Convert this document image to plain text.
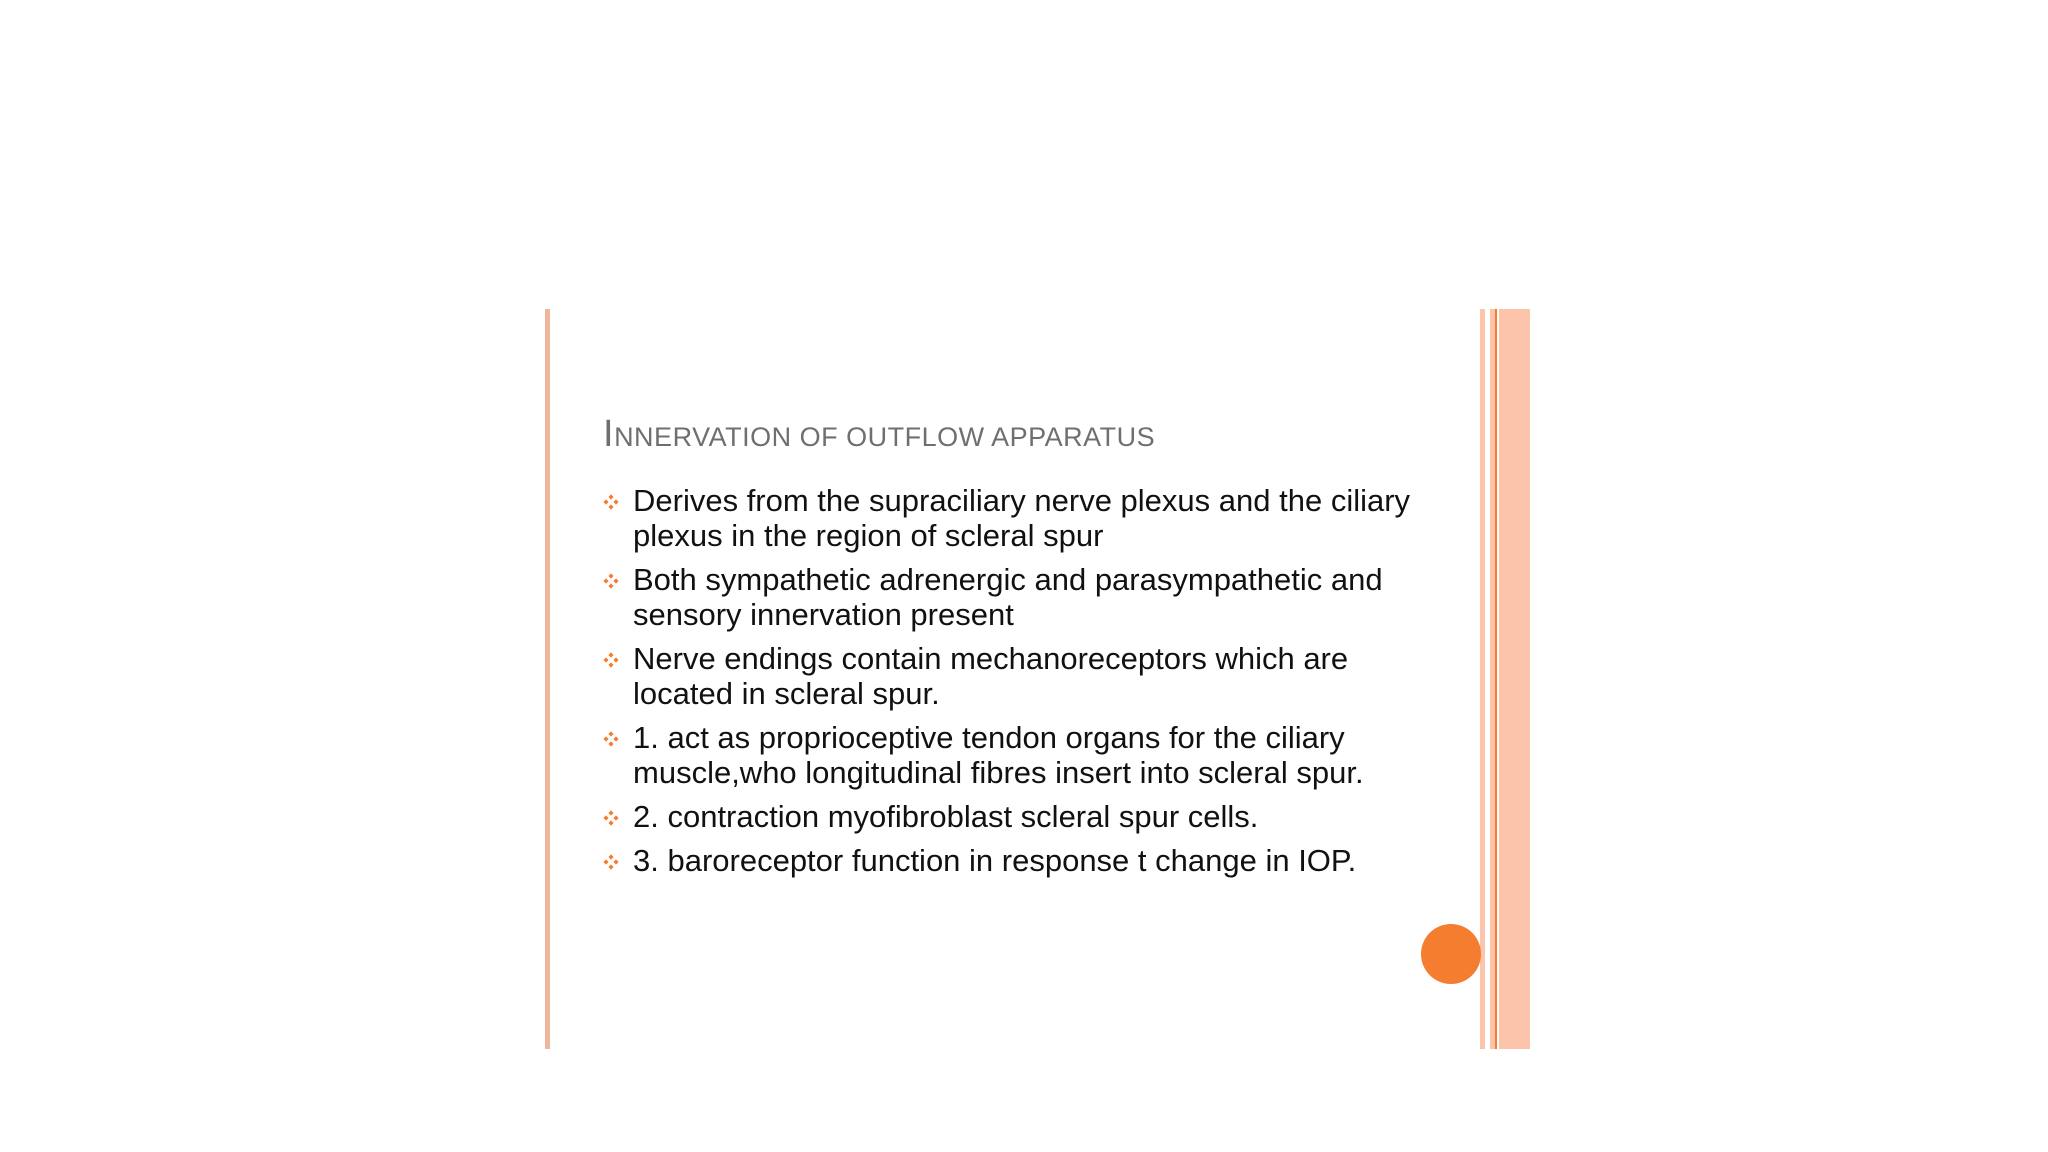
INNERVATION OF OUTFLOW APPARATUS
Derives from the supraciliary nerve plexus and the ciliary plexus in the region of scleral spur
Both sympathetic adrenergic and parasympathetic and sensory innervation present
Nerve endings contain mechanoreceptors which are located in scleral spur.
1. act as proprioceptive tendon organs for the ciliary muscle,who longitudinal fibres insert into scleral spur.
2. contraction myofibroblast scleral spur cells.
3. baroreceptor function in response t change in IOP.
